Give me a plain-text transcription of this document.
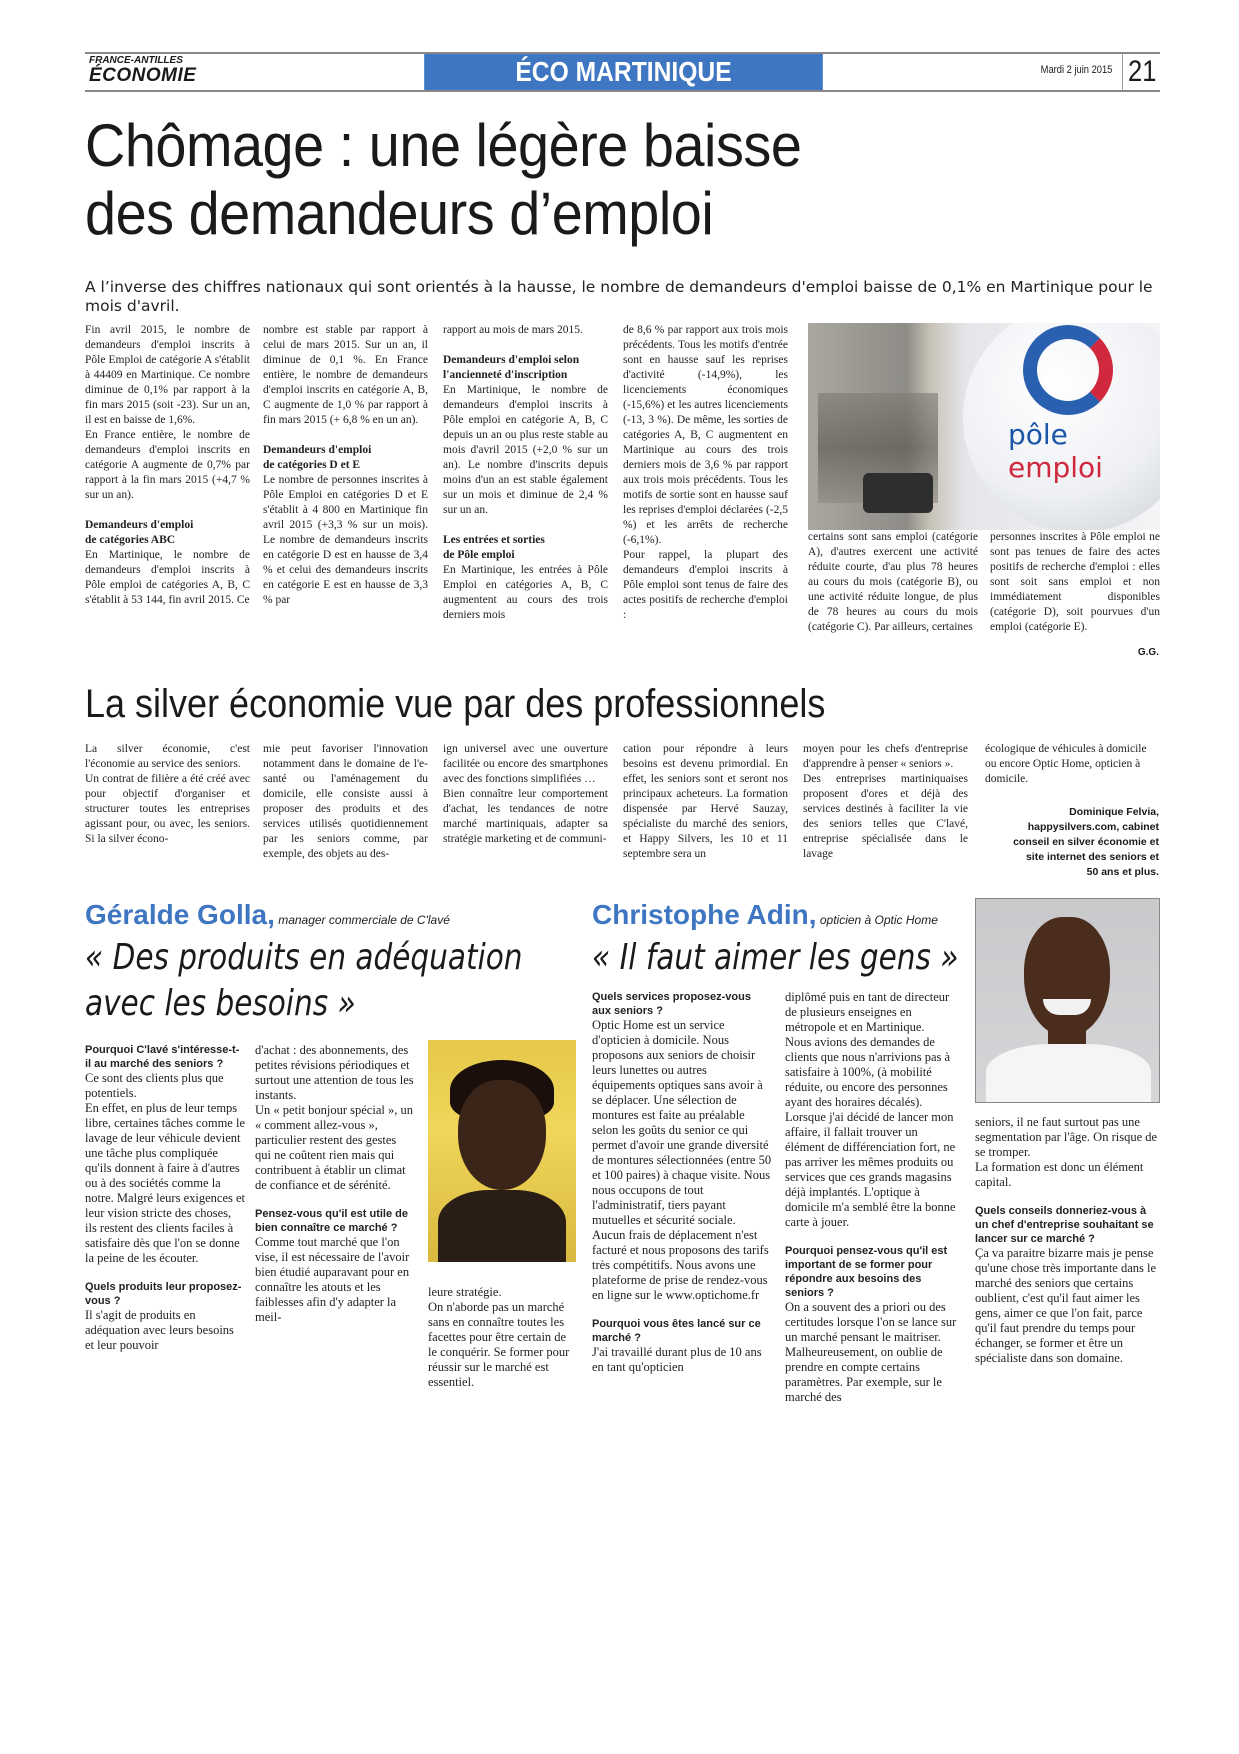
FRANCE-ANTILLES
ÉCONOMIE	ÉCO MARTINIQUE	Mardi 2 juin 2015 21
Chômage : une légère baisse
des demandeurs d’emploi
A l’inverse des chiffres nationaux qui sont orientés à la hausse, le nombre de demandeurs d'emploi baisse de 0,1% en Martinique pour le mois d'avril.

Fin avril 2015, le nombre de demandeurs d'emploi inscrits à Pôle Emploi de catégorie A s'établit à 44409 en Martinique. Ce nombre diminue de 0,1% par rapport à la fin mars 2015 (soit -23). Sur un an, il est en baisse de 1,6%.

En France entière, le nombre de demandeurs d'emploi inscrits en catégorie A augmente de 0,7% par rapport à la fin mars 2015 (+4,7 % sur un an).

Demandeurs d'emploi

de catégories ABC

En Martinique, le nombre de demandeurs d'emploi inscrits à Pôle emploi de catégories A, B, C s'établit à 53 144, fin avril 2015. Ce

nombre est stable par rapport à celui de mars 2015. Sur un an, il diminue de 0,1 %. En France entière, le nombre de demandeurs d'emploi inscrits en catégorie A, B, C augmente de 1,0 % par rapport à fin mars 2015 (+ 6,8 % en un an).

Demandeurs d'emploi

de catégories D et E

Le nombre de personnes inscrites à Pôle Emploi en catégories D et E s'établit à 4 800 en Martinique fin avril 2015 (+3,3 % sur un mois). Le nombre de demandeurs inscrits en catégorie D est en hausse de 3,4 % et celui des demandeurs inscrits en catégorie E est en hausse de 3,3 % par

rapport au mois de mars 2015.

Demandeurs d'emploi selon

l'ancienneté d'inscription

En Martinique, le nombre de demandeurs d'emploi inscrits à Pôle emploi en catégorie A, B, C depuis un an ou plus reste stable au mois d'avril 2015 (+2,0 % sur un an). Le nombre d'inscrits depuis moins d'un an est stable également sur un mois et diminue de 2,4 % sur un an.

Les entrées et sorties

de Pôle emploi

En Martinique, les entrées à Pôle Emploi en catégories A, B, C augmentent au cours des trois derniers mois

de 8,6 % par rapport aux trois mois précédents. Tous les motifs d'entrée sont en hausse sauf les reprises d'activité (-14,9%), les licenciements économiques (-15,6%) et les autres licenciements (-13, 3 %). De même, les sorties de catégories A, B, C augmentent en Martinique au cours des trois derniers mois de 3,6 % par rapport aux trois mois précédents. Tous les motifs de sortie sont en hausse sauf les reprises d'emploi déclarées (-2,5 %) et les arrêts de recherche (-6,1%).

Pour rappel, la plupart des demandeurs d'emploi inscrits à Pôle emploi sont tenus de faire des actes positifs de recherche d'emploi :

pôle emploi

certains sont sans emploi (catégorie A), d'autres exercent une activité réduite courte, d'au plus 78 heures au cours du mois (catégorie B), ou une activité réduite longue, de plus de 78 heures au cours du mois (catégorie C). Par ailleurs, certaines

personnes inscrites à Pôle emploi ne sont pas tenues de faire des actes positifs de recherche d'emploi : elles sont soit sans emploi et non immédiatement disponibles (catégorie D), soit pourvues d'un emploi (catégorie E).

G.G.
La silver économie vue par des professionnels

La silver économie, c'est l'économie au service des seniors.

Un contrat de filière a été créé avec pour objectif d'organiser et structurer toutes les entreprises agissant pour, ou avec, les seniors. Si la silver écono-

mie peut favoriser l'innovation notamment dans le domaine de l'e-santé ou l'aménagement du domicile, elle consiste aussi à proposer des produits et des services utilisés quotidiennement par les seniors comme, par exemple, des objets au des-

ign universel avec une ouverture facilitée ou encore des smartphones avec des fonctions simplifiées …

Bien connaître leur comportement d'achat, les tendances de notre marché martiniquais, adapter sa stratégie marketing et de communi-

cation pour répondre à leurs besoins est devenu primordial. En effet, les seniors sont et seront nos principaux acheteurs. La formation dispensée par Hervé Sauzay, spécialiste du marché des seniors, et Happy Silvers, les 10 et 11 septembre sera un

moyen pour les chefs d'entreprise d'apprendre à penser « seniors ».

Des entreprises martiniquaises proposent d'ores et déjà des services destinés à faciliter la vie des seniors telles que C'lavé, entreprise spécialisée dans le lavage

écologique de véhicules à domicile ou encore Optic Home, opticien à domicile.

Dominique Felvia,
happysilvers.com, cabinet
conseil en silver économie et
site internet des seniors et
50 ans et plus.
Géralde Golla, manager commerciale de C'lavé
« Des produits en adéquation
avec les besoins »

Pourquoi C'lavé s'intéresse-t-il au marché des seniors ?

Ce sont des clients plus que potentiels.

En effet, en plus de leur temps libre, certaines tâches comme le lavage de leur véhicule devient une tâche plus compliquée qu'ils donnent à faire à d'autres ou à des sociétés comme la notre. Malgré leurs exigences et leur vision stricte des choses, ils restent des clients faciles à satisfaire dès que l'on se donne la peine de les écouter.

Quels produits leur proposez-vous ?

Il s'agit de produits en adéquation avec leurs besoins et leur pouvoir

d'achat : des abonnements, des petites révisions périodiques et surtout une attention de tous les instants.

Un « petit bonjour spécial », un « comment allez-vous », particulier restent des gestes qui ne coûtent rien mais qui contribuent à établir un climat de confiance et de sérénité.

Pensez-vous qu'il est utile de bien connaître ce marché ?

Comme tout marché que l'on vise, il est nécessaire de l'avoir bien étudié auparavant pour en connaître les atouts et les faiblesses afin d'y adapter la meil-

leure stratégie.

On n'aborde pas un marché sans en connaître toutes les facettes pour être certain de le conquérir. Se former pour réussir sur le marché est essentiel.

Christophe Adin, opticien à Optic Home
« Il faut aimer les gens »

Quels services proposez-vous aux seniors ?

Optic Home est un service d'opticien à domicile. Nous proposons aux seniors de choisir leurs lunettes ou autres équipements optiques sans avoir à se déplacer. Une sélection de montures est faite au préalable selon les goûts du senior ce qui permet d'avoir une grande diversité de montures sélectionnées (entre 50 et 100 paires) à chaque visite. Nous nous occupons de tout l'administratif, tiers payant mutuelles et sécurité sociale.

Aucun frais de déplacement n'est facturé et nous proposons des tarifs très compétitifs. Nous avons une plateforme de prise de rendez-vous en ligne sur le www.optichome.fr

Pourquoi vous êtes lancé sur ce marché ?

J'ai travaillé durant plus de 10 ans en tant qu'opticien

diplômé puis en tant de directeur de plusieurs enseignes en métropole et en Martinique.

Nous avions des demandes de clients que nous n'arrivions pas à satisfaire à 100%, (à mobilité réduite, ou encore des personnes ayant des horaires décalés).

Lorsque j'ai décidé de lancer mon affaire, il fallait trouver un élément de différenciation fort, ne pas arriver les mêmes produits ou services que ces grands magasins déjà implantés. L'optique à domicile m'a semblé être la bonne carte à jouer.

Pourquoi pensez-vous qu'il est important de se former pour répondre aux besoins des seniors ?

On a souvent des a priori ou des certitudes lorsque l'on se lance sur un marché pensant le maitriser. Malheureusement, on oublie de prendre en compte certains paramètres. Par exemple, sur le marché des

seniors, il ne faut surtout pas une segmentation par l'âge. On risque de se tromper.

La formation est donc un élément capital.

Quels conseils donneriez-vous à un chef d'entreprise souhaitant se lancer sur ce marché ?

Ça va paraitre bizarre mais je pense qu'une chose très importante dans le marché des seniors que certains oublient, c'est qu'il faut aimer les gens, aimer ce que l'on fait, parce qu'il faut prendre du temps pour échanger, se former et être un spécialiste dans son domaine.
